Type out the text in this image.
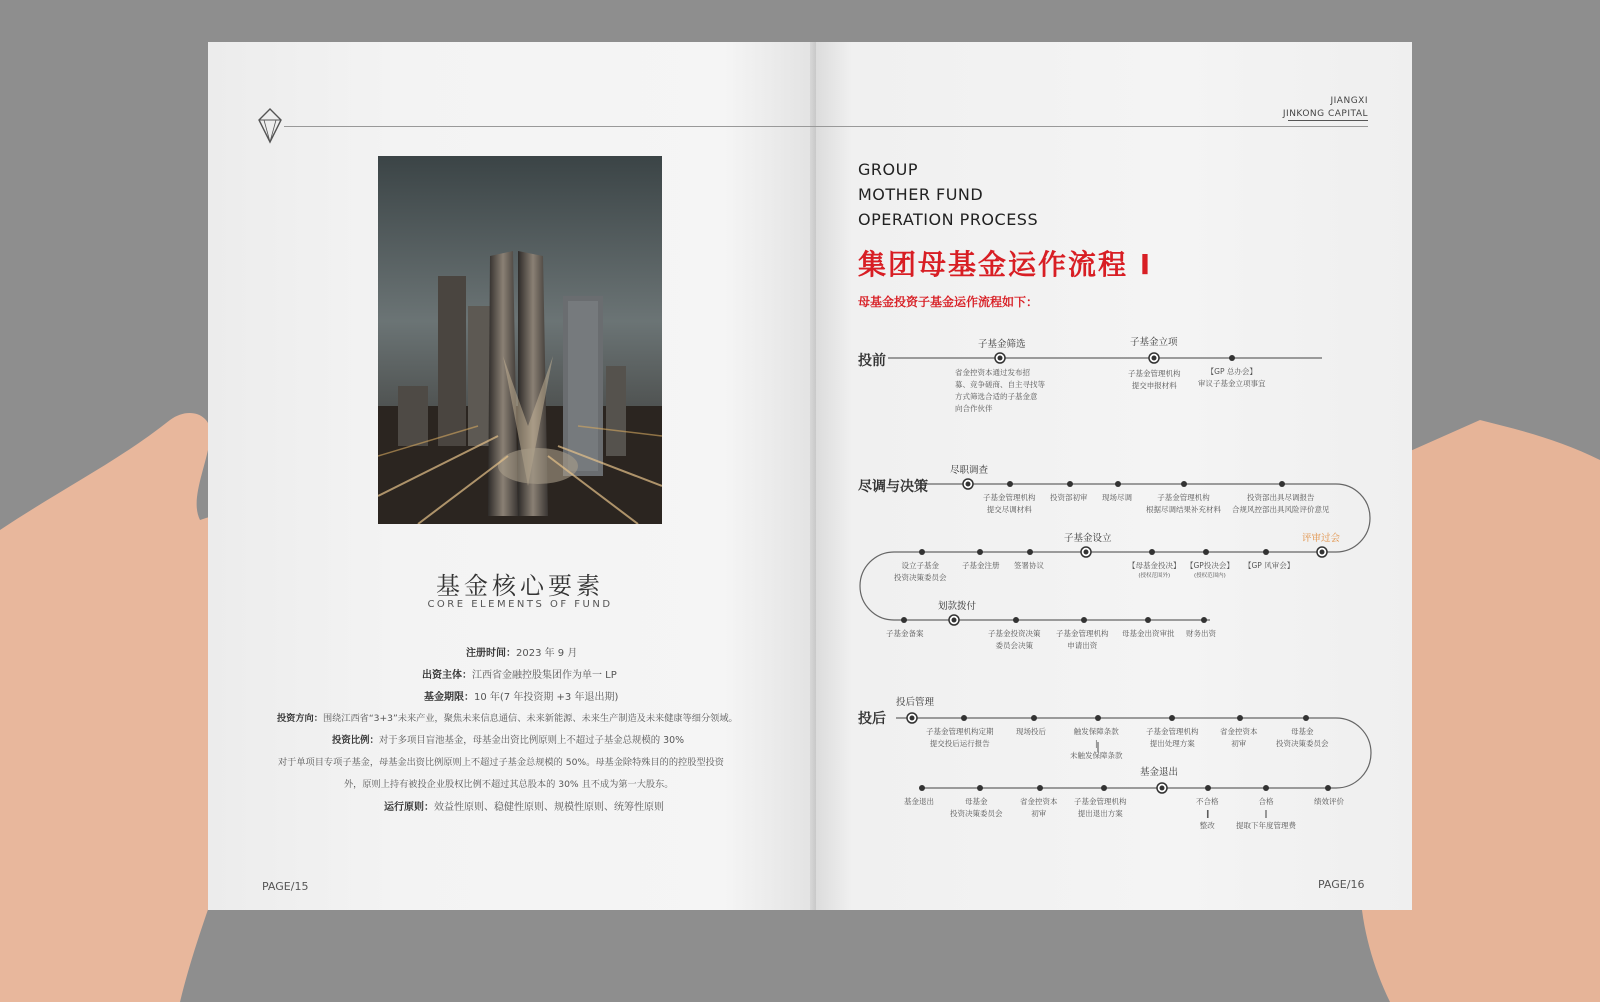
基金核心要素
CORE ELEMENTS OF FUND
注册时间：2023 年 9 月
出资主体：江西省金融控股集团作为单一 LP
基金期限：10 年(7 年投资期 +3 年退出期)
投资方向：围绕江西省“3+3”未来产业，聚焦未来信息通信、未来新能源、未来生产制造及未来健康等细分领域。
投资比例：对于多项目盲池基金，母基金出资比例原则上不超过子基金总规模的 30%
对于单项目专项子基金，母基金出资比例原则上不超过子基金总规模的 50%。母基金除特殊目的的控股型投资
外，原则上持有被投企业股权比例不超过其总股本的 30% 且不成为第一大股东。
运行原则：效益性原则、稳健性原则、规模性原则、统筹性原则
PAGE/15
JIANGXI
JINKONG CAPITAL
GROUP
MOTHER FUND
OPERATION PROCESS
集团母基金运作流程 I
母基金投资子基金运作流程如下：
投前
子基金筛选	子基金立项
省金控资本通过发布招
募、竞争磋商、自主寻找等
方式筛选合适的子基金意
向合作伙伴
子基金管理机构
提交申报材料
【GP 总办会】
审议子基金立项事宜
尽调与决策
尽职调查
子基金管理机构
提交尽调材料
投资部初审 现场尽调	子基金管理机构
根据尽调结果补充材料
投资部出具尽调报告
合规风控部出具风险评价意见
评审过会
子基金设立
设立子基金
投资决策委员会
子基金注册 签署协议	【母基金投决】
(授权范围外)
【GP投决会】
(授权范围内)
【GP 风审会】
划款拨付
子基金备案	子基金投资决策
委员会决策
子基金管理机构
申请出资
母基金出资审批 财务出资
投后
投后管理
子基金管理机构定期
提交投后运行报告
现场投后	触发保障条款
|
未触发保障条款
子基金管理机构
提出处理方案
省金控资本
初审
母基金
投资决策委员会
基金退出
基金退出	母基金
投资决策委员会
省金控资本
初审
子基金管理机构
提出退出方案
不合格
|
整改
合格
|
提取下年度管理费
绩效评价
PAGE/16
